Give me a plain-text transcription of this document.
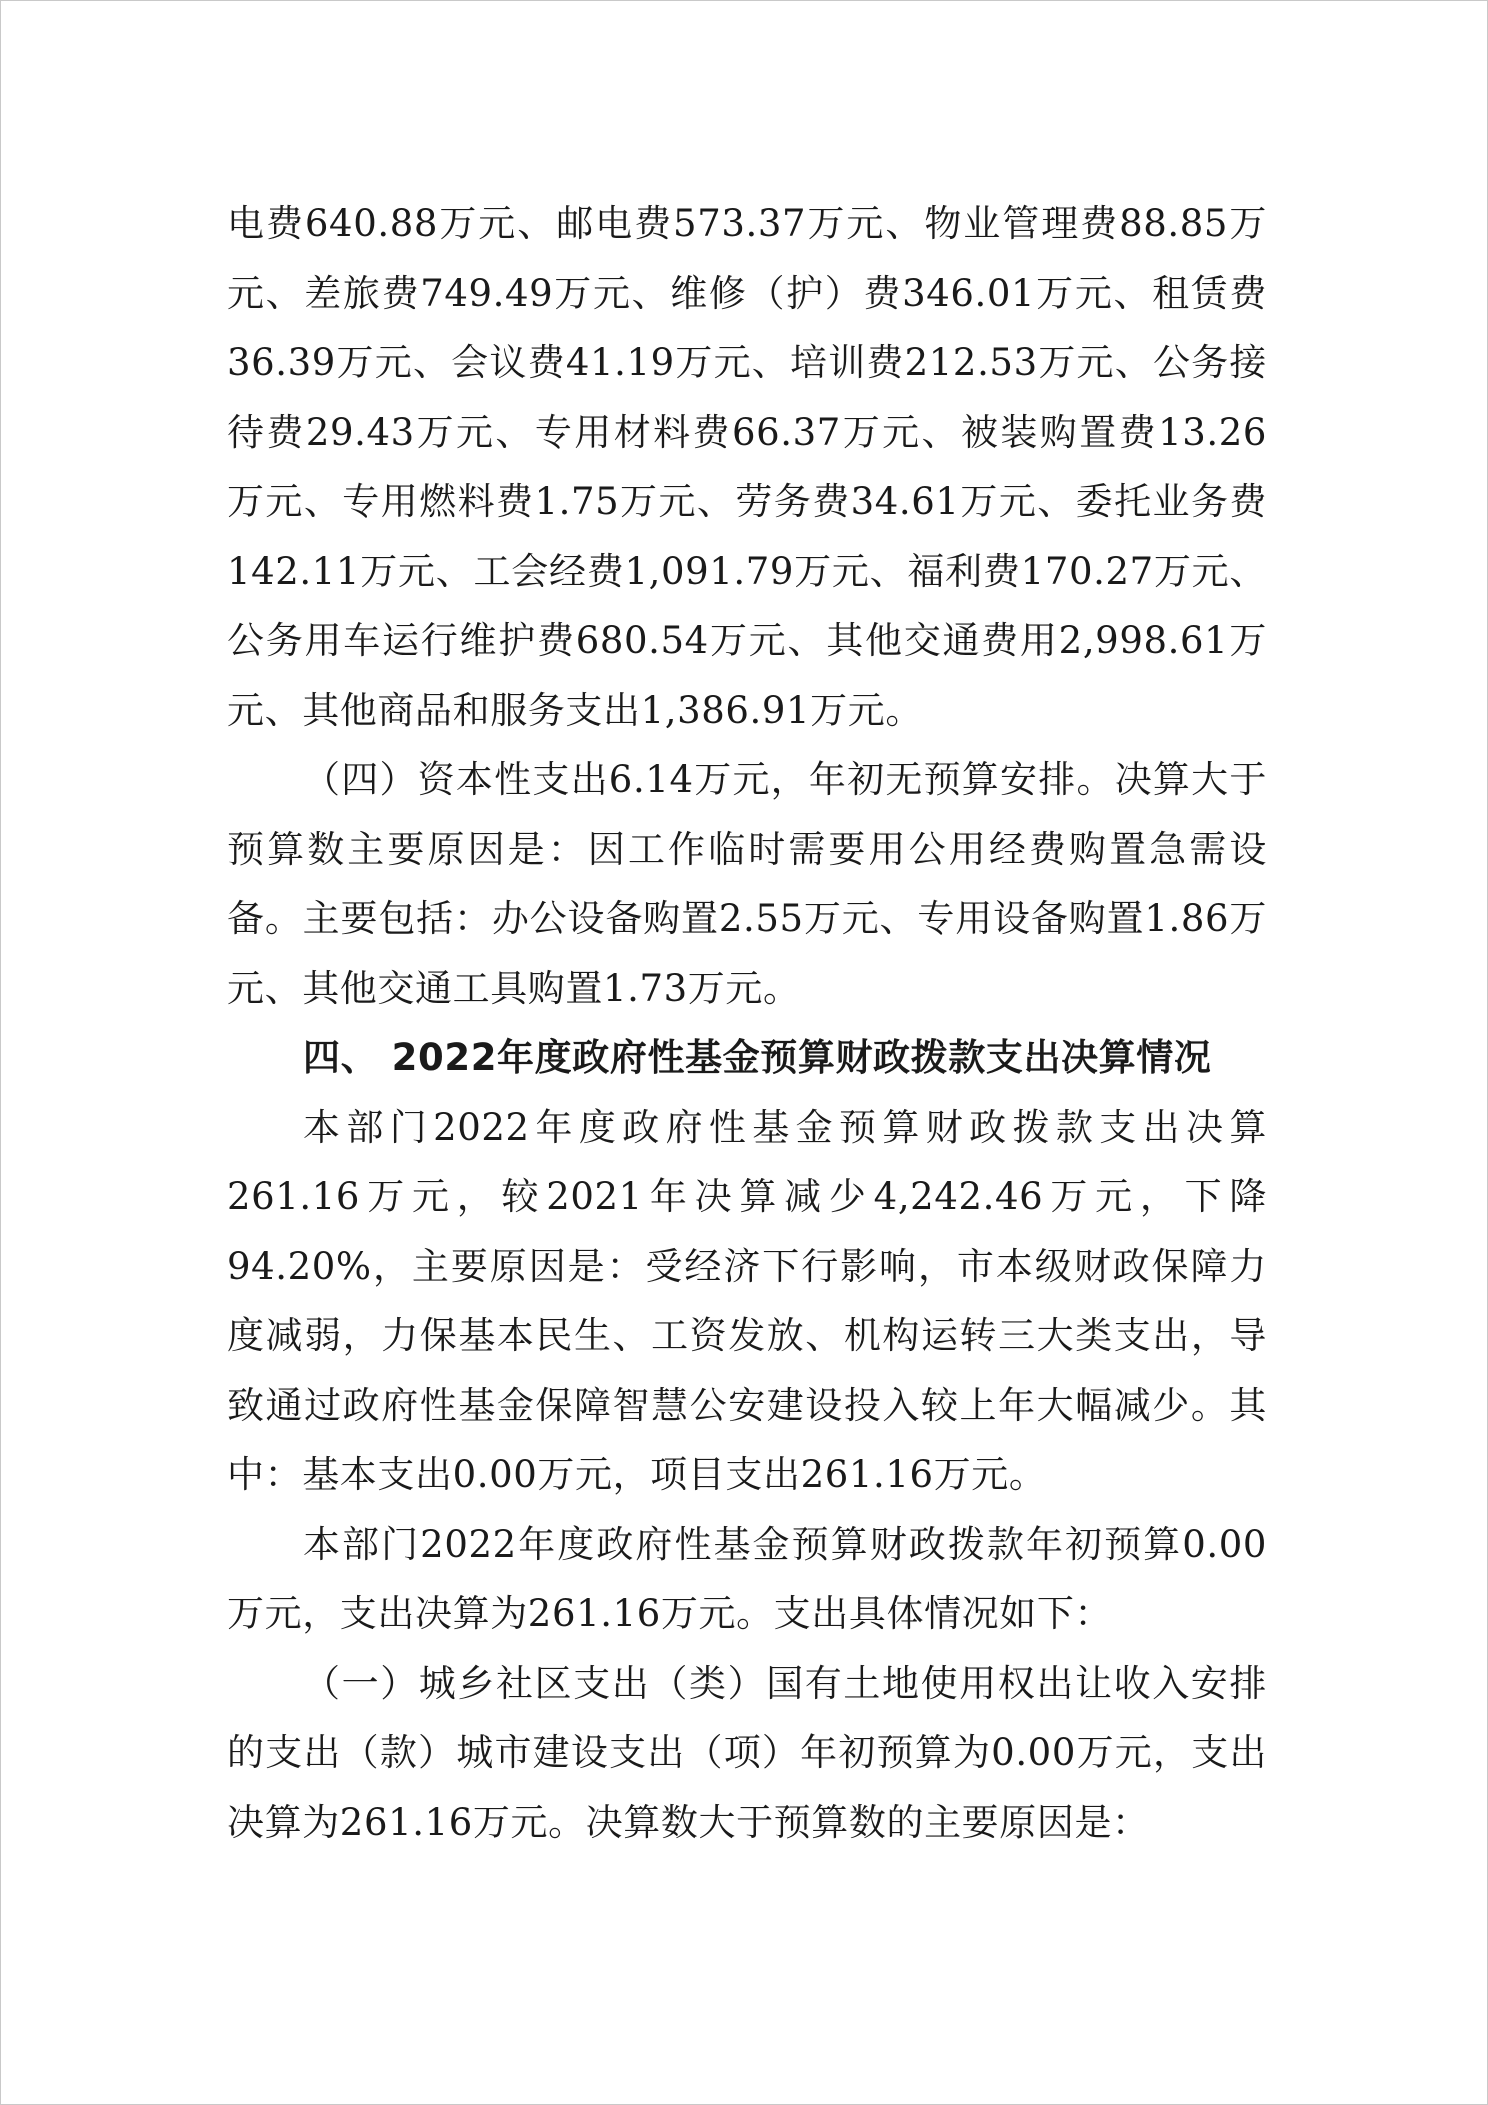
电费640.88万元、邮电费573.37万元、物业管理费88.85万元、差旅费749.49万元、维修（护）费346.01万元、租赁费36.39万元、会议费41.19万元、培训费212.53万元、公务接待费29.43万元、专用材料费66.37万元、被装购置费13.26万元、专用燃料费1.75万元、劳务费34.61万元、委托业务费142.11万元、工会经费1,091.79万元、福利费170.27万元、公务用车运行维护费680.54万元、其他交通费用2,998.61万元、其他商品和服务支出1,386.91万元。

（四）资本性支出6.14万元，年初无预算安排。决算大于预算数主要原因是：因工作临时需要用公用经费购置急需设备。主要包括：办公设备购置2.55万元、专用设备购置1.86万元、其他交通工具购置1.73万元。

四、 2022年度政府性基金预算财政拨款支出决算情况

本部门2022年度政府性基金预算财政拨款支出决算261.16万元，较2021年决算减少4,242.46万元，下降94.20%，主要原因是：受经济下行影响，市本级财政保障力度减弱，力保基本民生、工资发放、机构运转三大类支出，导致通过政府性基金保障智慧公安建设投入较上年大幅减少。其中：基本支出0.00万元，项目支出261.16万元。

本部门2022年度政府性基金预算财政拨款年初预算0.00万元，支出决算为261.16万元。支出具体情况如下：

（一）城乡社区支出（类）国有土地使用权出让收入安排的支出（款）城市建设支出（项）年初预算为0.00万元，支出决算为261.16万元。决算数大于预算数的主要原因是：
